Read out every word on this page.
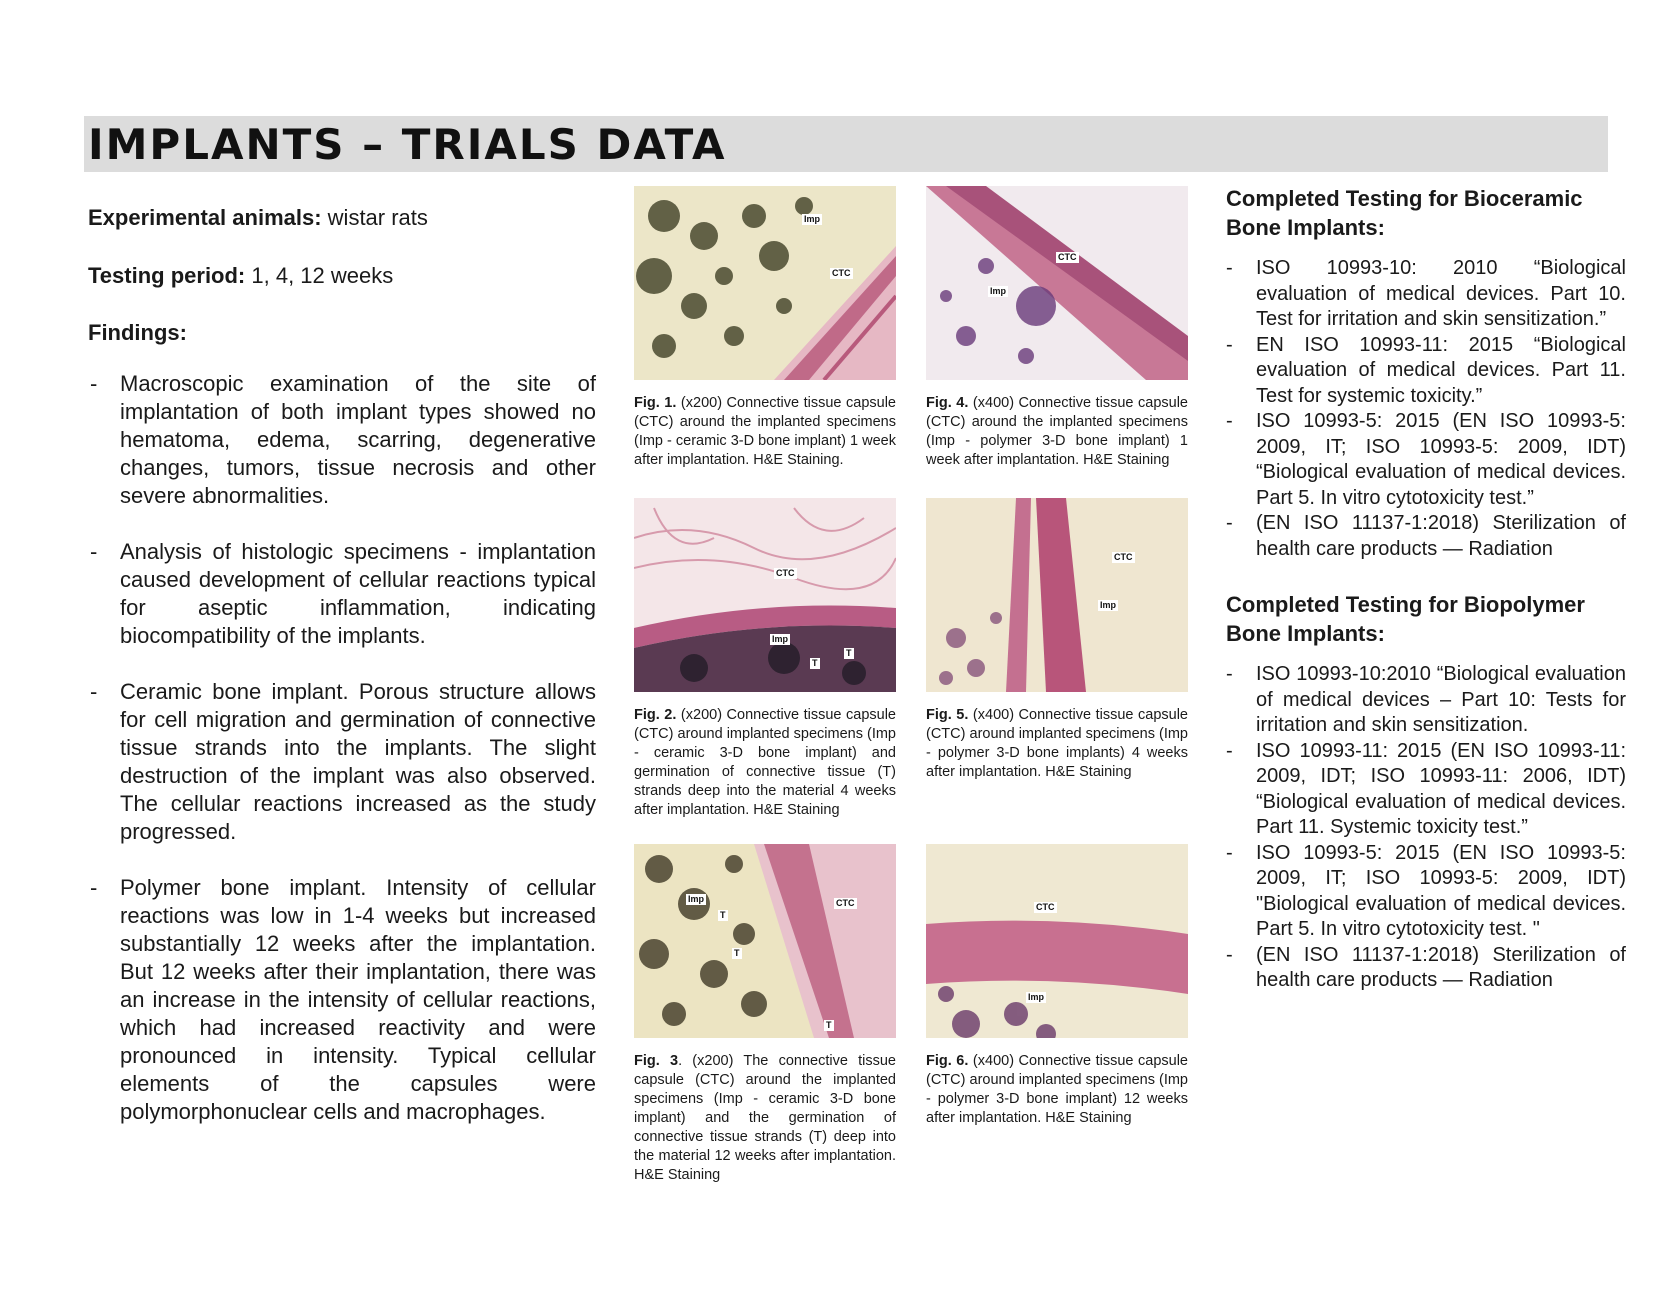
IMPLANTS – TRIALS DATA

Experimental animals: wistar rats

Testing period: 1, 4, 12 weeks

Findings:

- Macroscopic examination of the site of implantation of both implant types showed no hematoma, edema, scarring, degenerative changes, tumors, tissue necrosis and other severe abnormalities.
- Analysis of histologic specimens - implantation caused development of cellular reactions typical for aseptic inflammation, indicating biocompatibility of the implants.
- Ceramic bone implant. Porous structure allows for cell migration and germination of connective tissue strands into the implants. The slight destruction of the implant was also observed. The cellular reactions increased as the study progressed.
- Polymer bone implant. Intensity of cellular reactions was low in 1-4 weeks but increased substantially 12 weeks after the implantation. But 12 weeks after their implantation, there was an increase in the intensity of cellular reactions, which had increased reactivity and were pronounced in intensity. Typical cellular elements of the capsules were polymorphonuclear cells and macrophages.
Imp
CTC

Fig. 1. (x200) Connective tissue capsule (CTC) around the implanted specimens (Imp - ceramic 3-D bone implant) 1 week after implantation. H&E Staining.

CTC
Imp
T
T

Fig. 2. (x200) Connective tissue capsule (CTC) around implanted specimens (Imp - ceramic 3-D bone implant) and germination of connective tissue (T) strands deep into the material 4 weeks after implantation. H&E Staining

Imp
T
T
T
CTC

Fig. 3. (x200) The connective tissue capsule (CTC) around the implanted specimens (Imp - ceramic 3-D bone implant) and the germination of connective tissue strands (T) deep into the material 12 weeks after implantation. H&E Staining

CTC
Imp

Fig. 4. (x400) Connective tissue capsule (CTC) around the implanted specimens (Imp - polymer 3-D bone implant) 1 week after implantation. H&E Staining

CTC
Imp

Fig. 5. (x400) Connective tissue capsule (CTC) around implanted specimens (Imp - polymer 3-D bone implants) 4 weeks after implantation. H&E Staining

CTC
Imp

Fig. 6. (x400) Connective tissue capsule (CTC) around implanted specimens (Imp - polymer 3-D bone implant) 12 weeks after implantation. H&E Staining

Completed Testing for Bioceramic Bone Implants:

- ISO 10993-10: 2010 “Biological evaluation of medical devices. Part 10. Test for irritation and skin sensitization.”
- EN ISO 10993-11: 2015 “Biological evaluation of medical devices. Part 11. Test for systemic toxicity.”
- ISO 10993-5: 2015 (EN ISO 10993-5: 2009, IT; ISO 10993-5: 2009, IDT) “Biological evaluation of medical devices. Part 5. In vitro cytotoxicity test.”
- (EN ISO 11137-1:2018) Sterilization of health care products — Radiation

Completed Testing for Biopolymer Bone Implants:

- ISO 10993-10:2010 “Biological evaluation of medical devices – Part 10: Tests for irritation and skin sensitization.
- ISO 10993-11: 2015 (EN ISO 10993-11: 2009, IDT; ISO 10993-11: 2006, IDT) “Biological evaluation of medical devices. Part 11. Systemic toxicity test.”
- ISO 10993-5: 2015 (EN ISO 10993-5: 2009, IT; ISO 10993-5: 2009, IDT) "Biological evaluation of medical devices. Part 5. In vitro cytotoxicity test. "
- (EN ISO 11137-1:2018) Sterilization of health care products — Radiation
